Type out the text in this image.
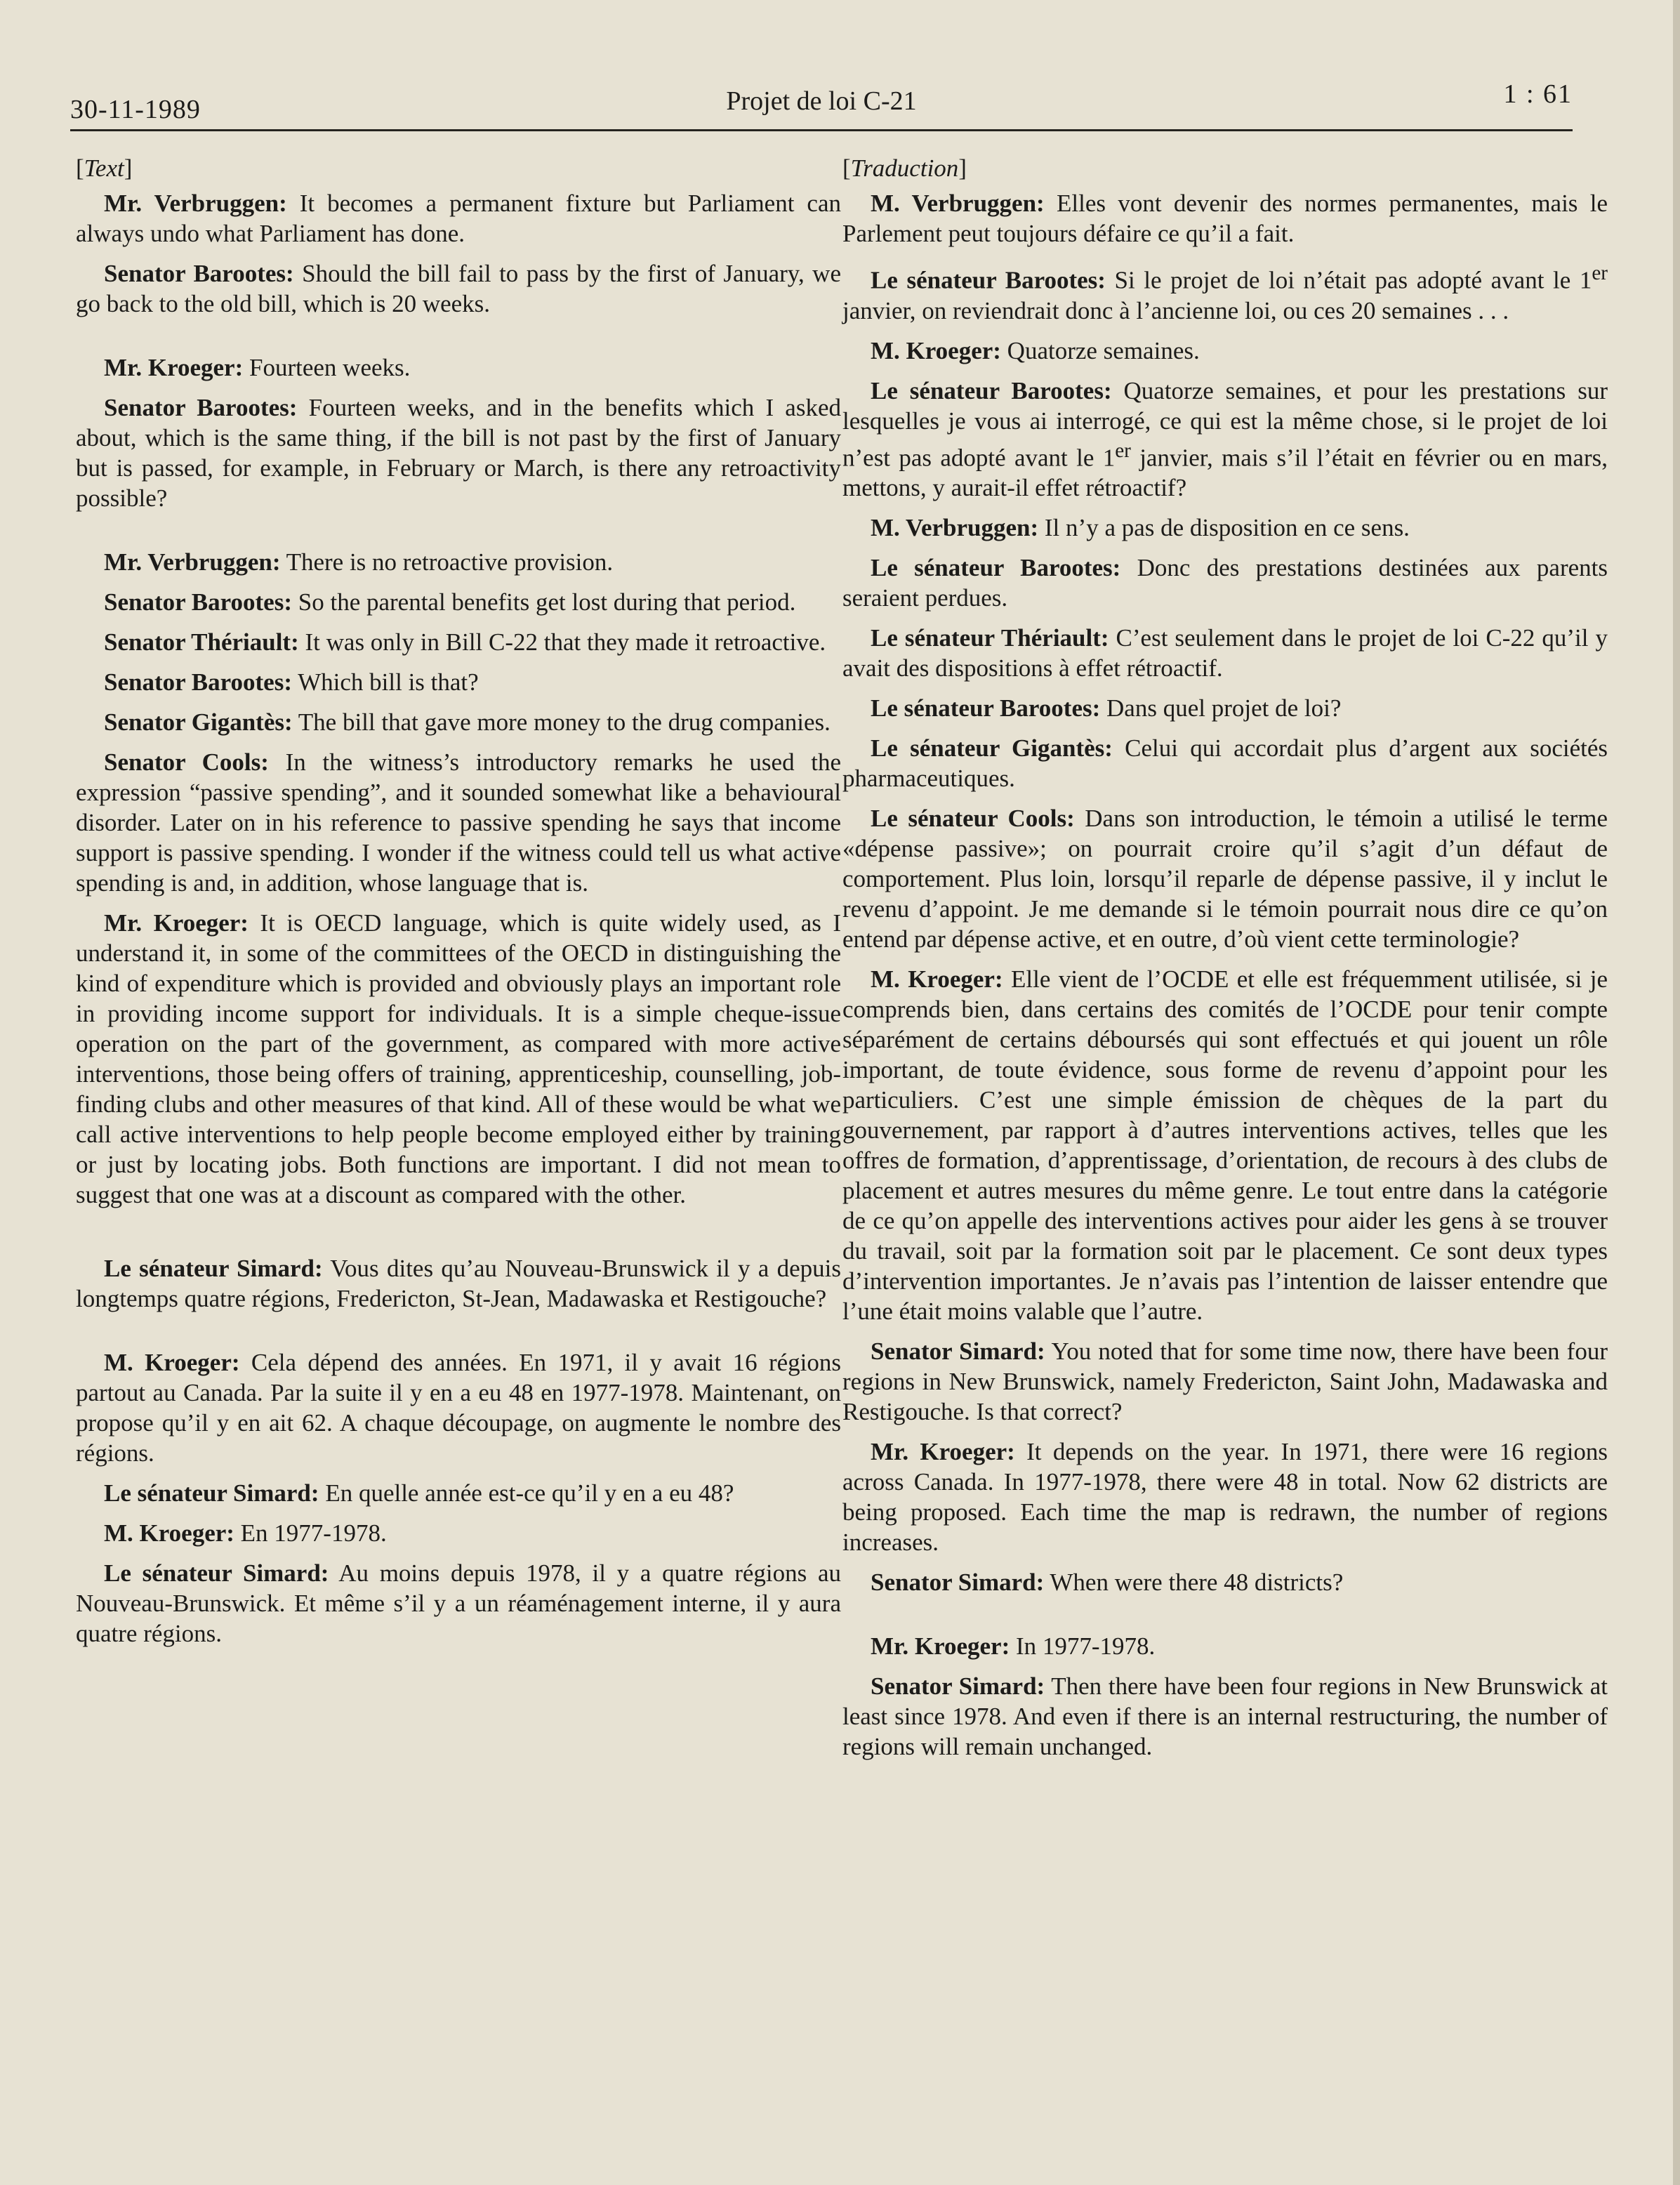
30-11-1989	Projet de loi C-21	1 : 61
[Text]

Mr. Verbruggen: It becomes a permanent fixture but Parliament can always undo what Parliament has done.

Senator Barootes: Should the bill fail to pass by the first of January, we go back to the old bill, which is 20 weeks.

Mr. Kroeger: Fourteen weeks.

Senator Barootes: Fourteen weeks, and in the benefits which I asked about, which is the same thing, if the bill is not past by the first of January but is passed, for example, in February or March, is there any retroactivity possible?

Mr. Verbruggen: There is no retroactive provision.

Senator Barootes: So the parental benefits get lost during that period.

Senator Thériault: It was only in Bill C-22 that they made it retroactive.

Senator Barootes: Which bill is that?

Senator Gigantès: The bill that gave more money to the drug companies.

Senator Cools: In the witness’s introductory remarks he used the expression “passive spending”, and it sounded somewhat like a behavioural disorder. Later on in his reference to passive spending he says that income support is passive spending. I wonder if the witness could tell us what active spending is and, in addition, whose language that is.

Mr. Kroeger: It is OECD language, which is quite widely used, as I understand it, in some of the committees of the OECD in distinguishing the kind of expenditure which is provided and obviously plays an important role in providing income support for individuals. It is a simple cheque-issue operation on the part of the government, as compared with more active interventions, those being offers of training, apprenticeship, counselling, job-finding clubs and other measures of that kind. All of these would be what we call active interventions to help people become employed either by training or just by locating jobs. Both functions are important. I did not mean to suggest that one was at a discount as compared with the other.

Le sénateur Simard: Vous dites qu’au Nouveau-Brunswick il y a depuis longtemps quatre régions, Fredericton, St-Jean, Madawaska et Restigouche?

M. Kroeger: Cela dépend des années. En 1971, il y avait 16 régions partout au Canada. Par la suite il y en a eu 48 en 1977-1978. Maintenant, on propose qu’il y en ait 62. A chaque découpage, on augmente le nombre des régions.

Le sénateur Simard: En quelle année est-ce qu’il y en a eu 48?

M. Kroeger: En 1977-1978.

Le sénateur Simard: Au moins depuis 1978, il y a quatre régions au Nouveau-Brunswick. Et même s’il y a un réaménagement interne, il y aura quatre régions.

[Traduction]

M. Verbruggen: Elles vont devenir des normes permanentes, mais le Parlement peut toujours défaire ce qu’il a fait.

Le sénateur Barootes: Si le projet de loi n’était pas adopté avant le 1er janvier, on reviendrait donc à l’ancienne loi, ou ces 20 semaines . . .

M. Kroeger: Quatorze semaines.

Le sénateur Barootes: Quatorze semaines, et pour les prestations sur lesquelles je vous ai interrogé, ce qui est la même chose, si le projet de loi n’est pas adopté avant le 1er janvier, mais s’il l’était en février ou en mars, mettons, y aurait-il effet rétroactif?

M. Verbruggen: Il n’y a pas de disposition en ce sens.

Le sénateur Barootes: Donc des prestations destinées aux parents seraient perdues.

Le sénateur Thériault: C’est seulement dans le projet de loi C-22 qu’il y avait des dispositions à effet rétroactif.

Le sénateur Barootes: Dans quel projet de loi?

Le sénateur Gigantès: Celui qui accordait plus d’argent aux sociétés pharmaceutiques.

Le sénateur Cools: Dans son introduction, le témoin a utilisé le terme «dépense passive»; on pourrait croire qu’il s’agit d’un défaut de comportement. Plus loin, lorsqu’il reparle de dépense passive, il y inclut le revenu d’appoint. Je me demande si le témoin pourrait nous dire ce qu’on entend par dépense active, et en outre, d’où vient cette terminologie?

M. Kroeger: Elle vient de l’OCDE et elle est fréquemment utilisée, si je comprends bien, dans certains des comités de l’OCDE pour tenir compte séparément de certains déboursés qui sont effectués et qui jouent un rôle important, de toute évidence, sous forme de revenu d’appoint pour les particuliers. C’est une simple émission de chèques de la part du gouvernement, par rapport à d’autres interventions actives, telles que les offres de formation, d’apprentissage, d’orientation, de recours à des clubs de placement et autres mesures du même genre. Le tout entre dans la catégorie de ce qu’on appelle des interventions actives pour aider les gens à se trouver du travail, soit par la formation soit par le placement. Ce sont deux types d’intervention importantes. Je n’avais pas l’intention de laisser entendre que l’une était moins valable que l’autre.

Senator Simard: You noted that for some time now, there have been four regions in New Brunswick, namely Fredericton, Saint John, Madawaska and Restigouche. Is that correct?

Mr. Kroeger: It depends on the year. In 1971, there were 16 regions across Canada. In 1977-1978, there were 48 in total. Now 62 districts are being proposed. Each time the map is redrawn, the number of regions increases.

Senator Simard: When were there 48 districts?

Mr. Kroeger: In 1977-1978.

Senator Simard: Then there have been four regions in New Brunswick at least since 1978. And even if there is an internal restructuring, the number of regions will remain unchanged.
